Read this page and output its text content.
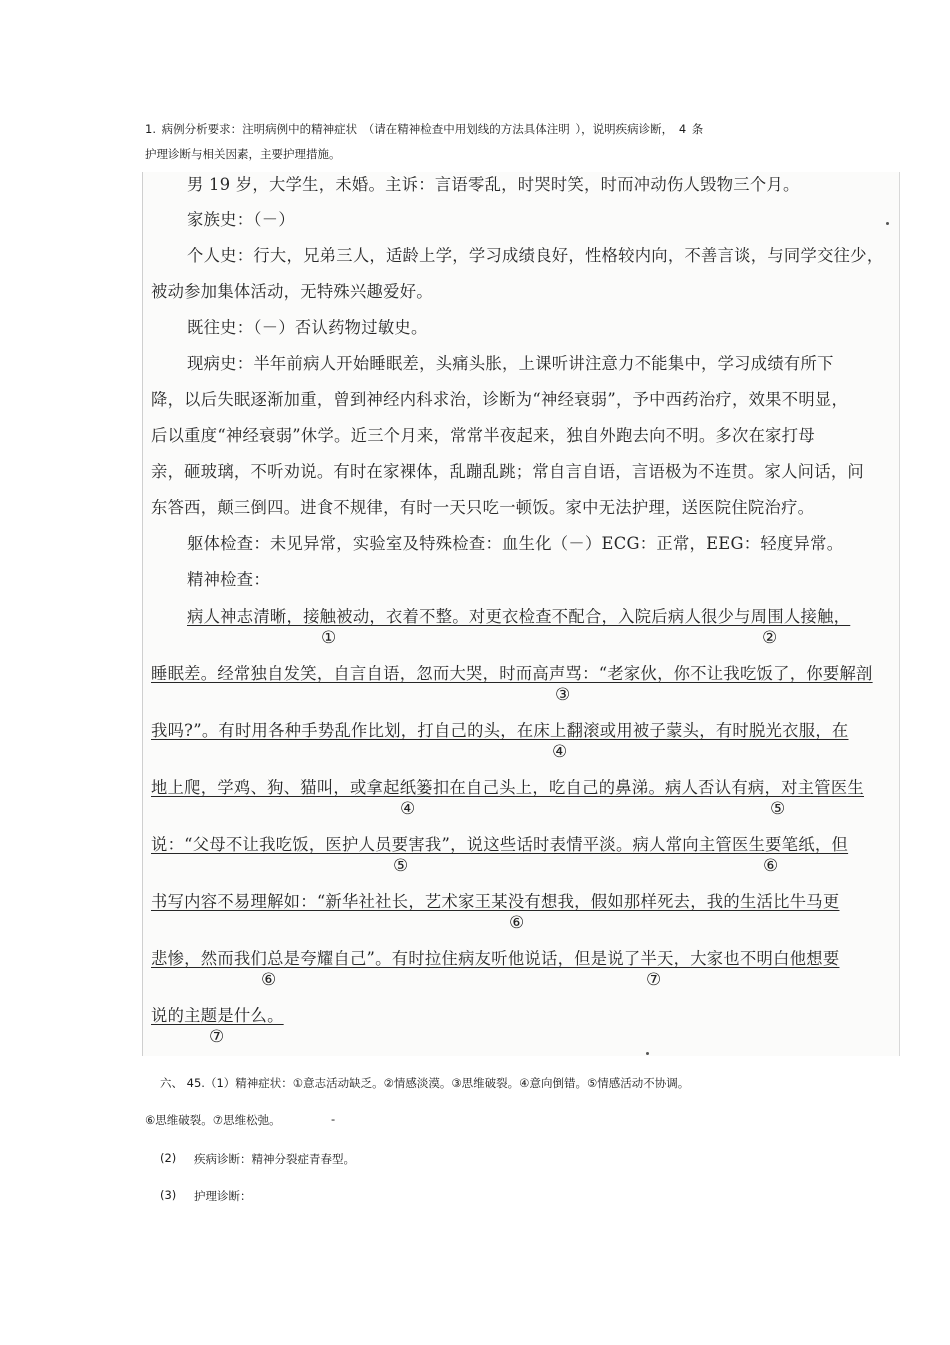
1. 病例分析要求：注明病例中的精神症状 （请在精神检查中用划线的方法具体注明 ），说明疾病诊断， 4 条

护理诊断与相关因素，主要护理措施。

男 19 岁，大学生，未婚。主诉：言语零乱，时哭时笑，时而冲动伤人毁物三个月。
家族史：（－）
个人史：行大，兄弟三人，适龄上学，学习成绩良好，性格较内向，不善言谈，与同学交往少，
被动参加集体活动，无特殊兴趣爱好。
既往史：（－）否认药物过敏史。
现病史：半年前病人开始睡眠差，头痛头胀，上课听讲注意力不能集中，学习成绩有所下
降，以后失眠逐渐加重，曾到神经内科求治，诊断为“神经衰弱”，予中西药治疗，效果不明显，
后以重度“神经衰弱”休学。近三个月来，常常半夜起来，独自外跑去向不明。多次在家打母
亲，砸玻璃，不听劝说。有时在家裸体，乱蹦乱跳；常自言自语，言语极为不连贯。家人问话，问
东答西，颠三倒四。进食不规律，有时一天只吃一顿饭。家中无法护理，送医院住院治疗。
躯体检查：未见异常，实验室及特殊检查：血生化（－）ECG：正常，EEG：轻度异常。
精神检查：
病人神志清晰，接触被动，衣着不整。对更衣检查不配合，入院后病人很少与周围人接触，
①	②
睡眠差。经常独自发笑，自言自语，忽而大哭，时而高声骂：“老家伙，你不让我吃饭了，你要解剖
③
我吗?”。有时用各种手势乱作比划，打自己的头，在床上翻滚或用被子蒙头，有时脱光衣服，在
④
地上爬，学鸡、狗、猫叫，或拿起纸篓扣在自己头上，吃自己的鼻涕。病人否认有病，对主管医生
④	⑤
说：“父母不让我吃饭，医护人员要害我”，说这些话时表情平淡。病人常向主管医生要笔纸，但
⑤	⑥
书写内容不易理解如：“新华社社长，艺术家王某没有想我，假如那样死去，我的生活比牛马更
⑥
悲惨，然而我们总是夸耀自己”。有时拉住病友听他说话，但是说了半天，大家也不明白他想要
⑥	⑦
说的主题是什么。
⑦

六、 45.（1）精神症状：①意志活动缺乏。②情感淡漠。③思维破裂。④意向倒错。⑤情感活动不协调。

⑥思维破裂。⑦思维松弛。	-

(2) 疾病诊断：精神分裂症青春型。

(3) 护理诊断：
